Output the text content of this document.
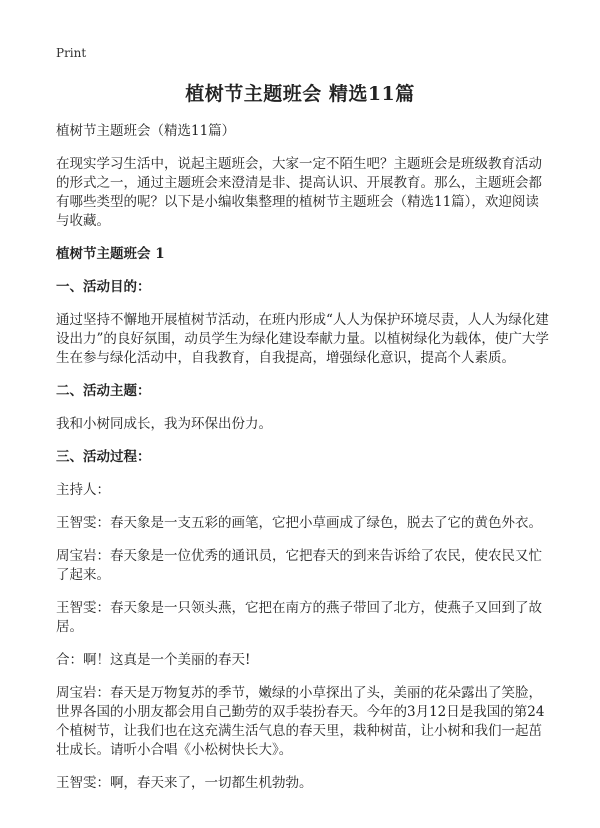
Print
植树节主题班会 精选11篇

植树节主题班会（精选11篇）

在现实学习生活中，说起主题班会，大家一定不陌生吧？主题班会是班级教育活动的形式之一，通过主题班会来澄清是非、提高认识、开展教育。那么，主题班会都有哪些类型的呢？以下是小编收集整理的植树节主题班会（精选11篇），欢迎阅读与收藏。

植树节主题班会 1

一、活动目的：

通过坚持不懈地开展植树节活动，在班内形成“人人为保护环境尽责，人人为绿化建设出力”的良好氛围，动员学生为绿化建设奉献力量。以植树绿化为载体，使广大学生在参与绿化活动中，自我教育，自我提高，增强绿化意识，提高个人素质。

二、活动主题：

我和小树同成长，我为环保出份力。

三、活动过程：

主持人：

王智雯：春天象是一支五彩的画笔，它把小草画成了绿色，脱去了它的黄色外衣。

周宝岩：春天象是一位优秀的通讯员，它把春天的到来告诉给了农民，使农民又忙了起来。

王智雯：春天象是一只领头燕，它把在南方的燕子带回了北方，使燕子又回到了故居。

合：啊！这真是一个美丽的春天!

周宝岩：春天是万物复苏的季节，嫩绿的小草探出了头，美丽的花朵露出了笑脸，世界各国的小朋友都会用自己勤劳的双手装扮春天。今年的3月12日是我国的第24个植树节，让我们也在这充满生活气息的春天里，栽种树苗，让小树和我们一起茁壮成长。请听小合唱《小松树快长大》。

王智雯：啊，春天来了，一切都生机勃勃。
